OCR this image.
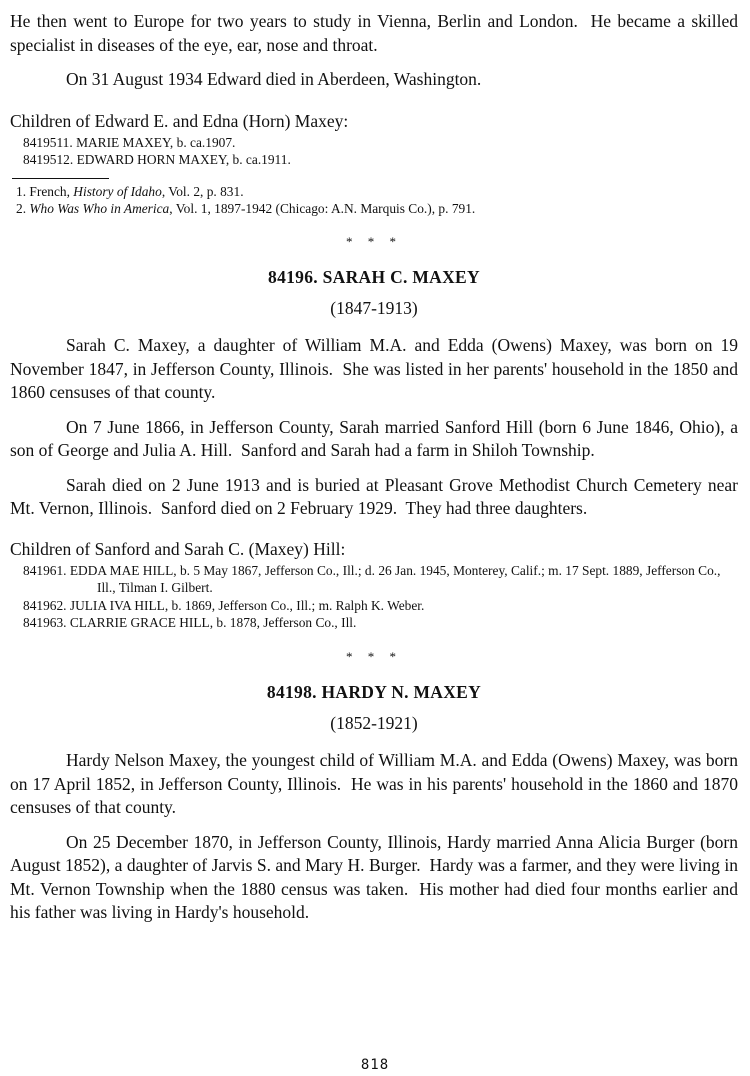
He then went to Europe for two years to study in Vienna, Berlin and London.  He became a skilled specialist in diseases of the eye, ear, nose and throat.

On 31 August 1934 Edward died in Aberdeen, Washington.

Children of Edward E. and Edna (Horn) Maxey:

8419511. MARIE MAXEY, b. ca.1907.

8419512. EDWARD HORN MAXEY, b. ca.1911.

1. French, History of Idaho, Vol. 2, p. 831.

2. Who Was Who in America, Vol. 1, 1897-1942 (Chicago: A.N. Marquis Co.), p. 791.

* * *

84196. SARAH C. MAXEY

(1847-1913)

Sarah C. Maxey, a daughter of William M.A. and Edda (Owens) Maxey, was born on 19 November 1847, in Jefferson County, Illinois.  She was listed in her parents' household in the 1850 and 1860 censuses of that county.

On 7 June 1866, in Jefferson County, Sarah married Sanford Hill (born 6 June 1846, Ohio), a son of George and Julia A. Hill.  Sanford and Sarah had a farm in Shiloh Township.

Sarah died on 2 June 1913 and is buried at Pleasant Grove Methodist Church Cemetery near Mt. Vernon, Illinois.  Sanford died on 2 February 1929.  They had three daughters.

Children of Sanford and Sarah C. (Maxey) Hill:

841961. EDDA MAE HILL, b. 5 May 1867, Jefferson Co., Ill.; d. 26 Jan. 1945, Monterey, Calif.; m. 17 Sept. 1889, Jefferson Co., Ill., Tilman I. Gilbert.

841962. JULIA IVA HILL, b. 1869, Jefferson Co., Ill.; m. Ralph K. Weber.

841963. CLARRIE GRACE HILL, b. 1878, Jefferson Co., Ill.

* * *

84198. HARDY N. MAXEY

(1852-1921)

Hardy Nelson Maxey, the youngest child of William M.A. and Edda (Owens) Maxey, was born on 17 April 1852, in Jefferson County, Illinois.  He was in his parents' household in the 1860 and 1870 censuses of that county.

On 25 December 1870, in Jefferson County, Illinois, Hardy married Anna Alicia Burger (born August 1852), a daughter of Jarvis S. and Mary H. Burger.  Hardy was a farmer, and they were living in Mt. Vernon Township when the 1880 census was taken.  His mother had died four months earlier and his father was living in Hardy's household.

818
